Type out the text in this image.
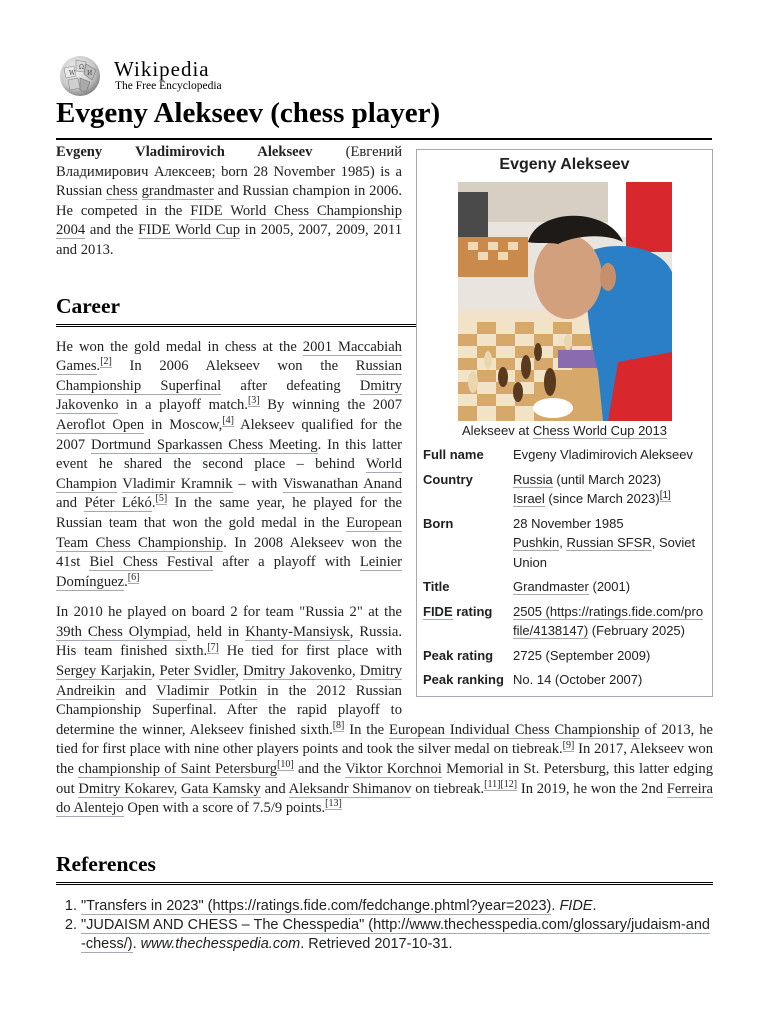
W
Ω
И Wikipedia
The Free Encyclopedia
Evgeny Alekseev (chess player)
Evgeny Alekseev
Alekseev at Chess World Cup 2013
Full name	Evgeny Vladimirovich Alekseev
Country	Russia (until March 2023)
Israel (since March 2023)[1]
Born	28 November 1985
Pushkin, Russian SFSR, Soviet Union
Title	Grandmaster (2001)
FIDE rating	2505 (https://ratings.fide.com/profile/4138147) (February 2025)
Peak rating	2725 (September 2009)
Peak ranking No. 14 (October 2007)

Evgeny Vladimirovich Alekseev (Евгений Владимирович Алексеев; born 28 November 1985) is a Russian chess grandmaster and Russian champion in 2006. He competed in the FIDE World Chess Championship 2004 and the FIDE World Cup in 2005, 2007, 2009, 2011 and 2013.

Career

He won the gold medal in chess at the 2001 Maccabiah Games.[2] In 2006 Alekseev won the Russian Championship Superfinal after defeating Dmitry Jakovenko in a playoff match.[3] By winning the 2007 Aeroflot Open in Moscow,[4] Alekseev qualified for the 2007 Dortmund Sparkassen Chess Meeting. In this latter event he shared the second place – behind World Champion Vladimir Kramnik – with Viswanathan Anand and Péter Lékó.[5] In the same year, he played for the Russian team that won the gold medal in the European Team Chess Championship. In 2008 Alekseev won the 41st Biel Chess Festival after a playoff with Leinier Domínguez.[6]

In 2010 he played on board 2 for team "Russia 2" at the 39th Chess Olympiad, held in Khanty-Mansiysk, Russia. His team finished sixth.[7] He tied for first place with Sergey Karjakin, Peter Svidler, Dmitry Jakovenko, Dmitry Andreikin and Vladimir Potkin in the 2012 Russian Championship Superfinal. After the rapid playoff to determine the winner, Alekseev finished sixth.[8] In the European Individual Chess Championship of 2013, he tied for first place with nine other players points and took the silver medal on tiebreak.[9] In 2017, Alekseev won the championship of Saint Petersburg[10] and the Viktor Korchnoi Memorial in St. Petersburg, this latter edging out Dmitry Kokarev, Gata Kamsky and Aleksandr Shimanov on tiebreak.[11][12] In 2019, he won the 2nd Ferreira do Alentejo Open with a score of 7.5/9 points.[13]

References
1. "Transfers in 2023" (https://ratings.fide.com/fedchange.phtml?year=2023). FIDE.
2. "JUDAISM AND CHESS – The Chesspedia" (http://www.thechesspedia.com/glossary/judaism-and-chess/). www.thechesspedia.com. Retrieved 2017-10-31.
